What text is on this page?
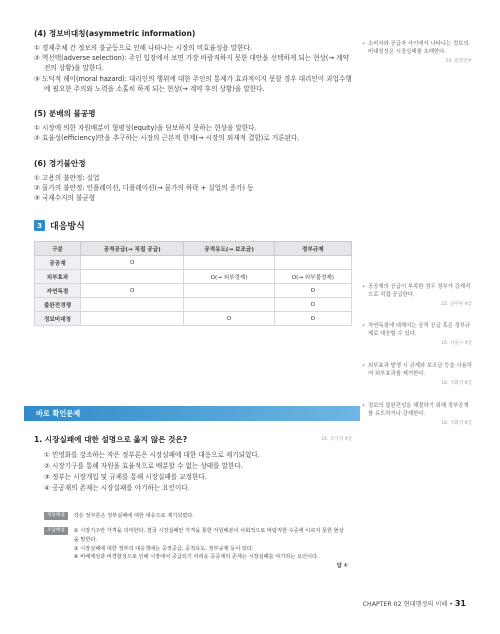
(4) 정보비대칭(asymmetric information)

① 경제주체 간 정보의 불균등으로 인해 나타나는 시장의 비효율성을 말한다.

② 역선택(adverse selection): 주인 입장에서 보면 가장 바람직하지 못한 대안을 선택하게 되는 현상(→ 계약 전의 상황)을 말한다.

③ 도덕적 해이(moral hazard): 대리인의 행위에 대한 주인의 통제가 효과적이지 못할 경우 대리인이 과업수행에 필요한 주의와 노력을 소홀히 하게 되는 현상(→ 계약 후의 상황)을 말한다.

(5) 분배의 불공평

① 시장에 의한 자원배분이 형평성(equity)을 담보하지 못하는 현상을 말한다.

② 효율성(efficiency)만을 추구하는 시장의 근본적 한계(→ 시장의 외재적 결함)로 거론된다.

(6) 경기불안정

① 고용의 불안정: 실업

② 물가의 불안정: 인플레이션, 디플레이션(→ 물가의 하락 + 실업의 증가) 등

③ 국제수지의 불균형

3 대응방식
구분	공적공급(→ 직접 공급)	공적유도(→ 보조금)	정부규제
공공재	O		
외부효과		O(→ 외부경제)	O(→ 외부불경제)
자연독점	O		O
불완전경쟁			O
정보비대칭		O	O
• 소비자와 공급자 사이에서 나타나는 정보의 비대칭성은 시장실패를 초래한다.
24. 감정간부
• 공공재의 공급이 부족한 경우 정부가 강제적으로 직접 공급한다.
22. 군무원 9급
• 자연독점에 대해서는 공적 공급 혹은 정부규제로 대응할 수 있다.
16. 서울시 9급
• 외부효과 발생 시 규제와 보조금 등을 사용하여 외부효과를 제거한다.
18. 국회직 8급
• 정보의 불완전성을 해결하기 위해 정부공개를 유도하거나 강제한다.
18. 국회직 8급
바로 확인문제

1. 시장실패에 대한 설명으로 옳지 않은 것은?	24. 국가직 9급

① 민영화를 강조하는 작은 정부론은 시장실패에 대한 대응으로 제기되었다.

② 시장기구를 통해 자원을 효율적으로 배분할 수 없는 상태를 말한다.

③ 정부는 시장개입 및 규제를 통해 시장실패를 교정한다.

④ 공공재의 존재는 시장실패를 야기하는 요인이다.

정답해설	작은 정부론은 정부실패에 대한 대응으로 제기되었다.
오답해설	② 시장기구란 가격을 의미한다. 결국 시장실패란 가격을 통한 자원배분이 사회적으로 바람직한 수준에 이르지 못한 현상을 말한다.

③ 시장실패에 대한 정부의 대응책에는 공적공급, 공적유도, 정부규제 등이 있다.

④ 비배제성과 비경합성으로 인해 시장에서 공급되기 어려운 공공재의 존재는 시장실패를 야기하는 요인이다.

답 ①

CHAPTER 02 현대행정의 이해 • 31
